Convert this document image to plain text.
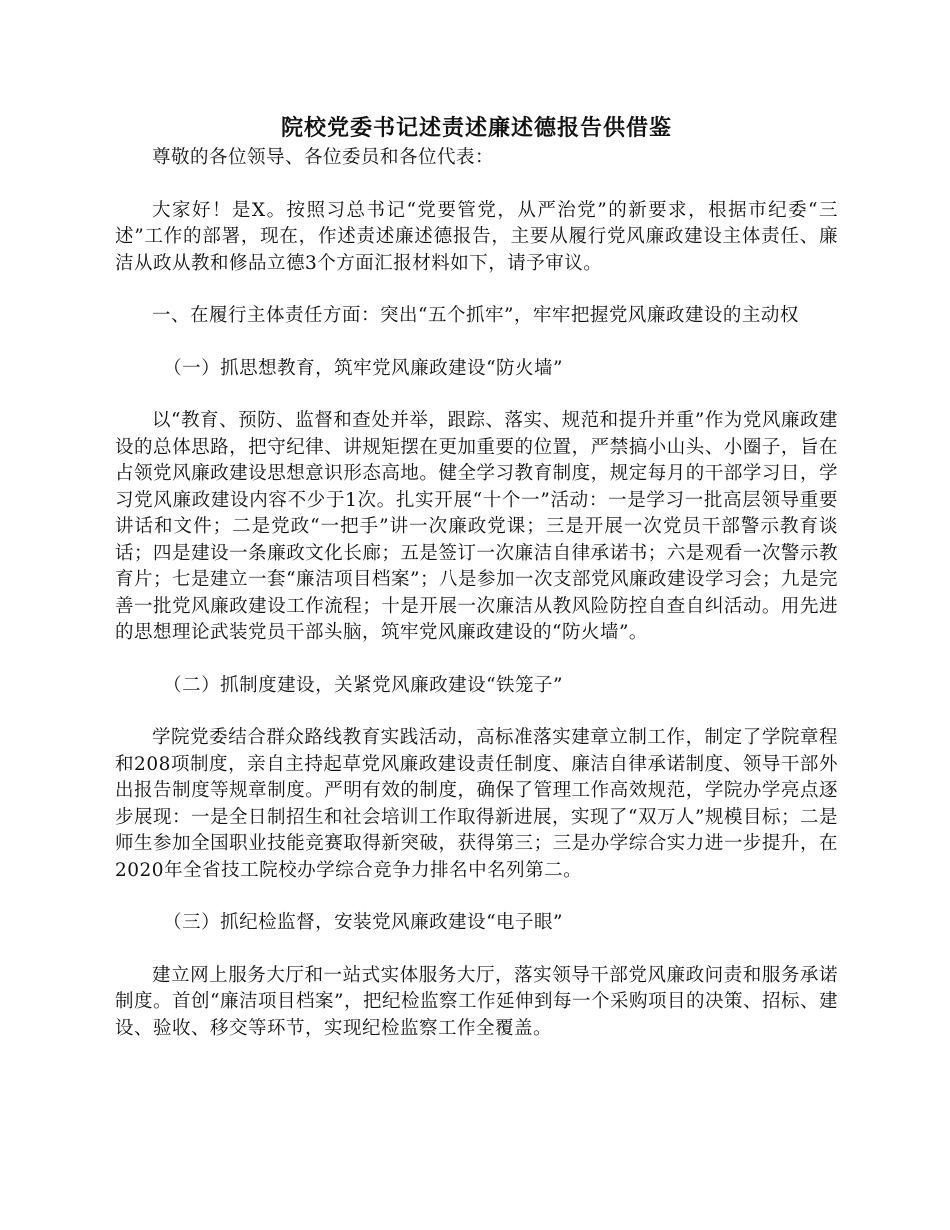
院校党委书记述责述廉述德报告供借鉴

尊敬的各位领导、各位委员和各位代表：

大家好！是X。按照习总书记“党要管党，从严治党”的新要求，根据市纪委“三述”工作的部署，现在，作述责述廉述德报告，主要从履行党风廉政建设主体责任、廉洁从政从教和修品立德3个方面汇报材料如下，请予审议。

一、在履行主体责任方面：突出“五个抓牢”，牢牢把握党风廉政建设的主动权

（一）抓思想教育，筑牢党风廉政建设“防火墙”

以“教育、预防、监督和查处并举，跟踪、落实、规范和提升并重”作为党风廉政建设的总体思路，把守纪律、讲规矩摆在更加重要的位置，严禁搞小山头、小圈子，旨在占领党风廉政建设思想意识形态高地。健全学习教育制度，规定每月的干部学习日，学习党风廉政建设内容不少于1次。扎实开展“十个一”活动：一是学习一批高层领导重要讲话和文件；二是党政“一把手”讲一次廉政党课；三是开展一次党员干部警示教育谈话；四是建设一条廉政文化长廊；五是签订一次廉洁自律承诺书；六是观看一次警示教育片；七是建立一套“廉洁项目档案”；八是参加一次支部党风廉政建设学习会；九是完善一批党风廉政建设工作流程；十是开展一次廉洁从教风险防控自查自纠活动。用先进的思想理论武装党员干部头脑，筑牢党风廉政建设的“防火墙”。

（二）抓制度建设，关紧党风廉政建设“铁笼子”

学院党委结合群众路线教育实践活动，高标准落实建章立制工作，制定了学院章程和208项制度，亲自主持起草党风廉政建设责任制度、廉洁自律承诺制度、领导干部外出报告制度等规章制度。严明有效的制度，确保了管理工作高效规范，学院办学亮点逐步展现：一是全日制招生和社会培训工作取得新进展，实现了“双万人”规模目标；二是师生参加全国职业技能竞赛取得新突破，获得第三；三是办学综合实力进一步提升，在2020年全省技工院校办学综合竞争力排名中名列第二。

（三）抓纪检监督，安装党风廉政建设“电子眼”

建立网上服务大厅和一站式实体服务大厅，落实领导干部党风廉政问责和服务承诺制度。首创“廉洁项目档案”，把纪检监察工作延伸到每一个采购项目的决策、招标、建设、验收、移交等环节，实现纪检监察工作全覆盖。
